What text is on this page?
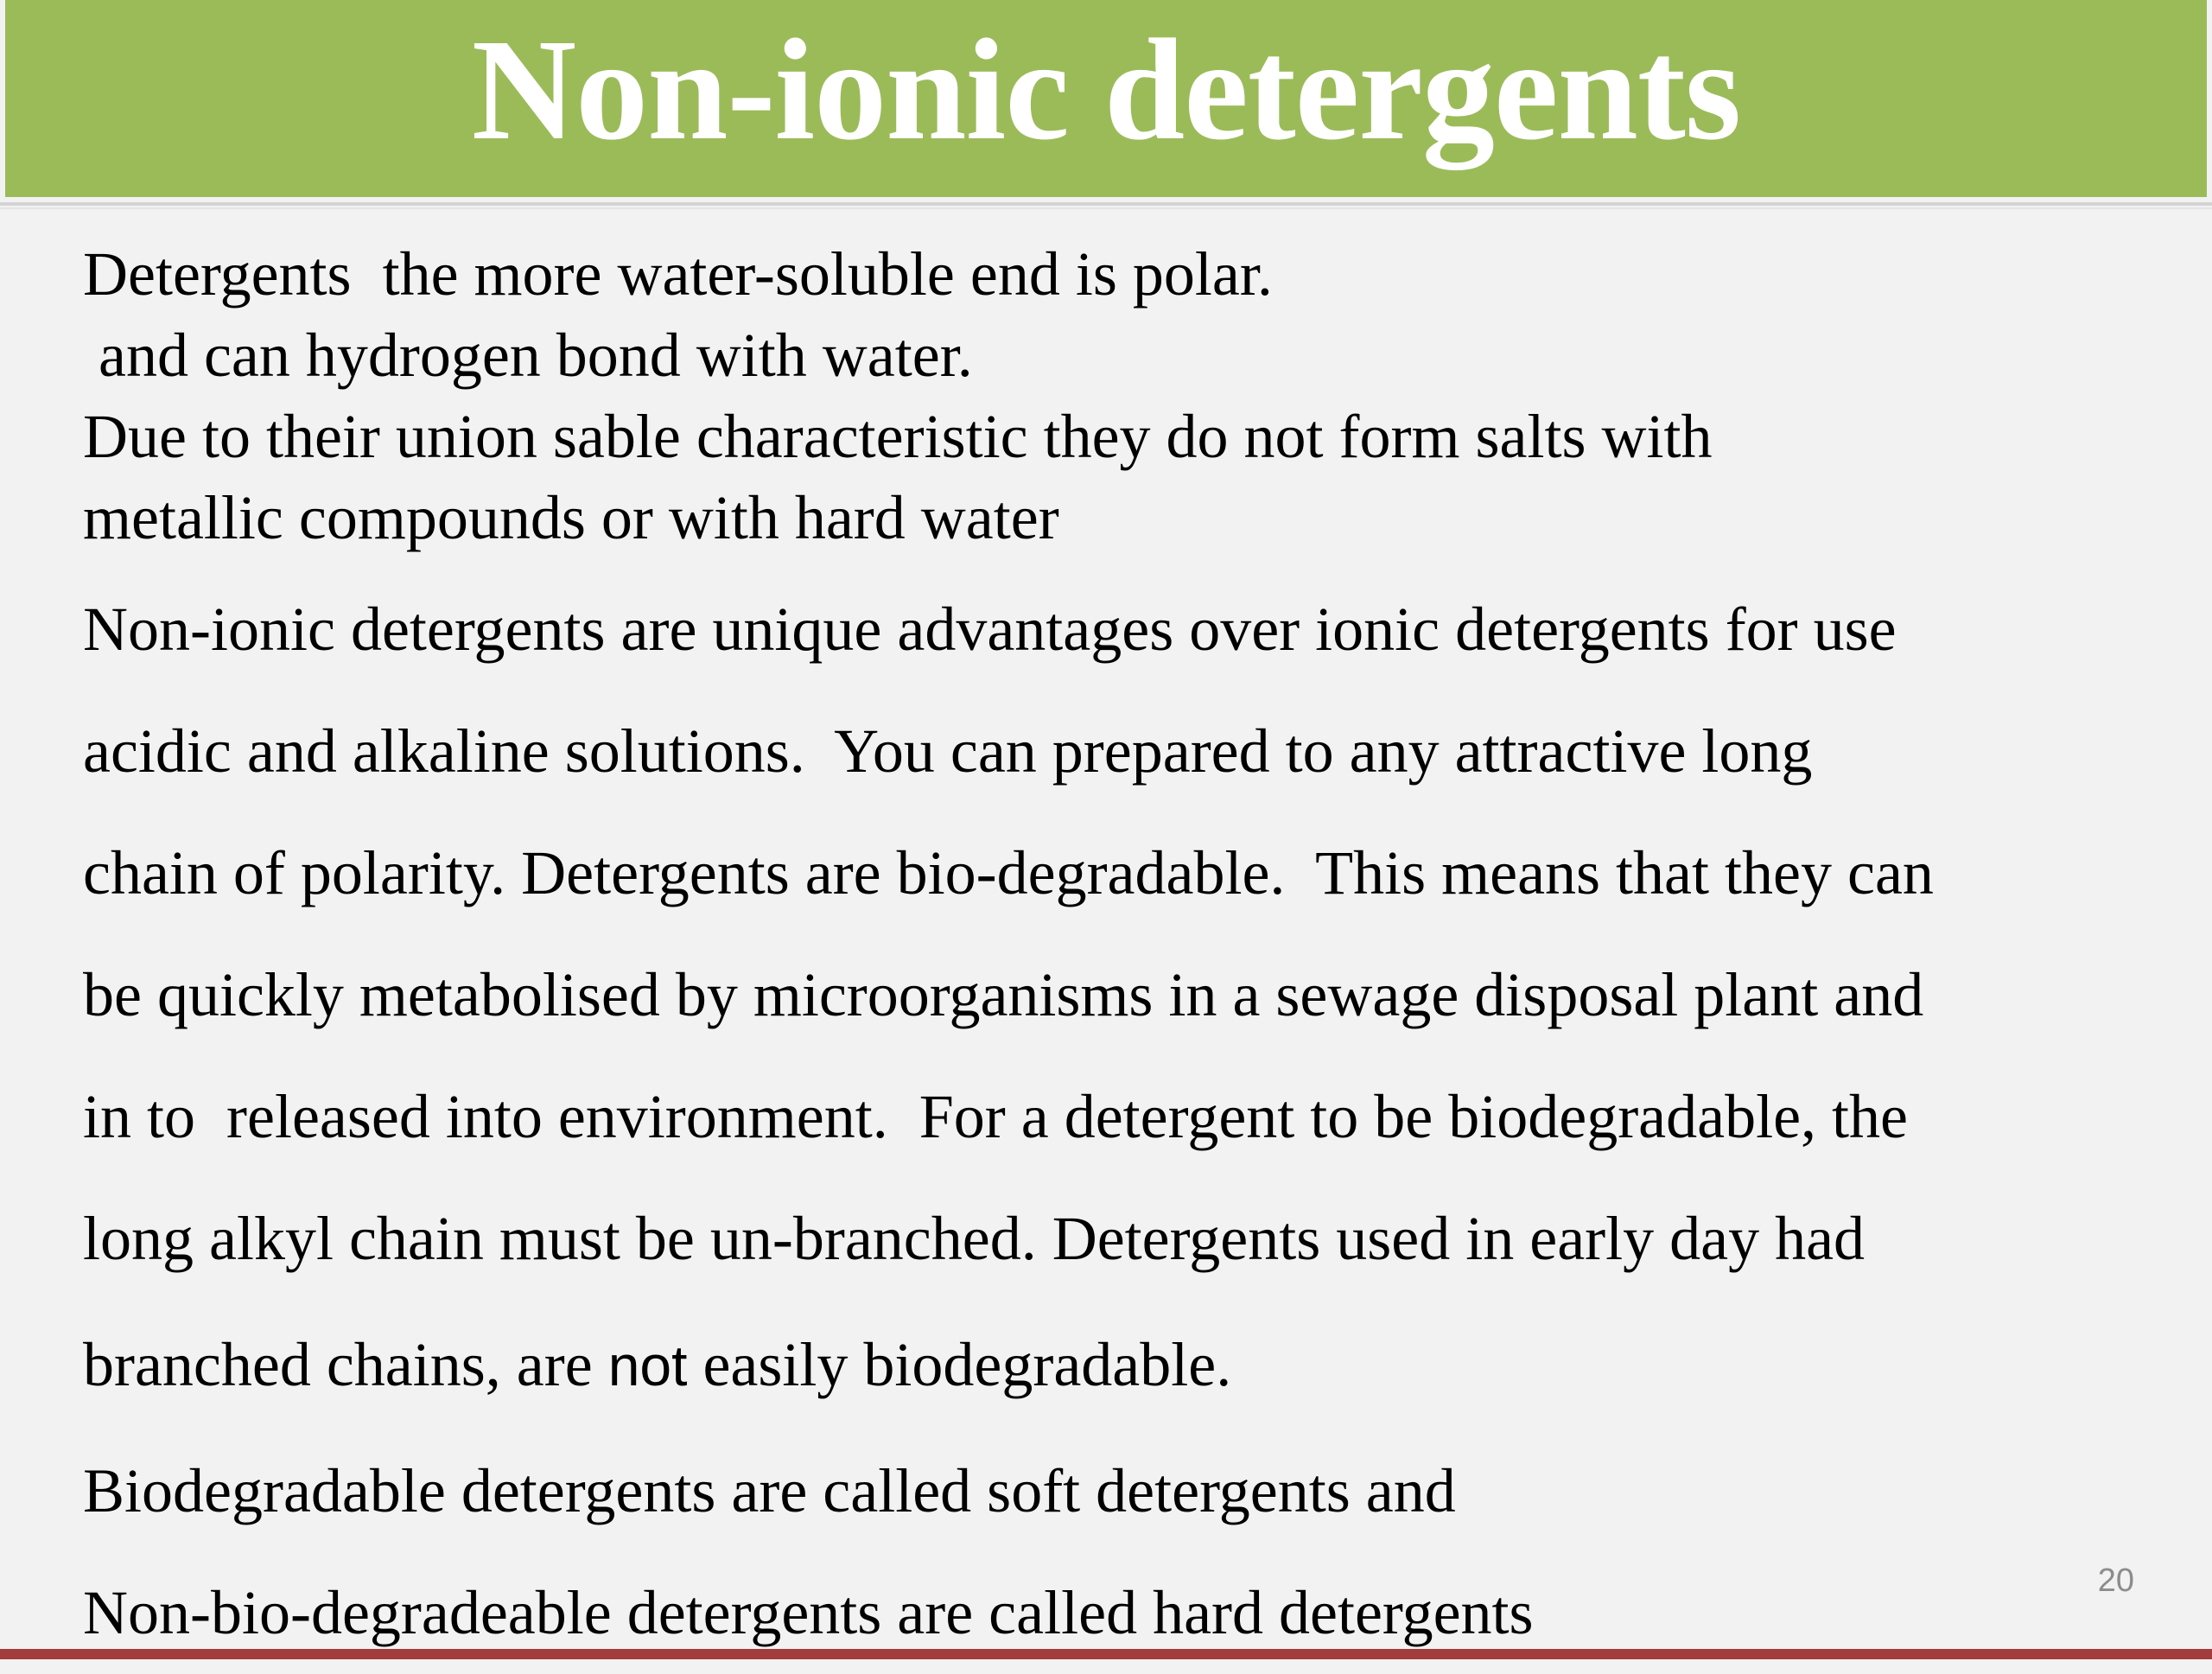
Non-ionic detergents
Detergents  the more water-soluble end is polar.
and can hydrogen bond with water.
Due to their union sable characteristic they do not form salts with
metallic compounds or with hard water
Non-ionic detergents are unique advantages over ionic detergents for use
acidic and alkaline solutions.  You can prepared to any attractive long
chain of polarity. Detergents are bio-degradable.  This means that they can
be quickly metabolised by microorganisms in a sewage disposal plant and
in to  released into environment.  For a detergent to be biodegradable, the
long alkyl chain must be un-branched. Detergents used in early day had
branched chains, are not easily biodegradable.
Biodegradable detergents are called soft detergents and
Non-bio-degradeable detergents are called hard detergents	20
